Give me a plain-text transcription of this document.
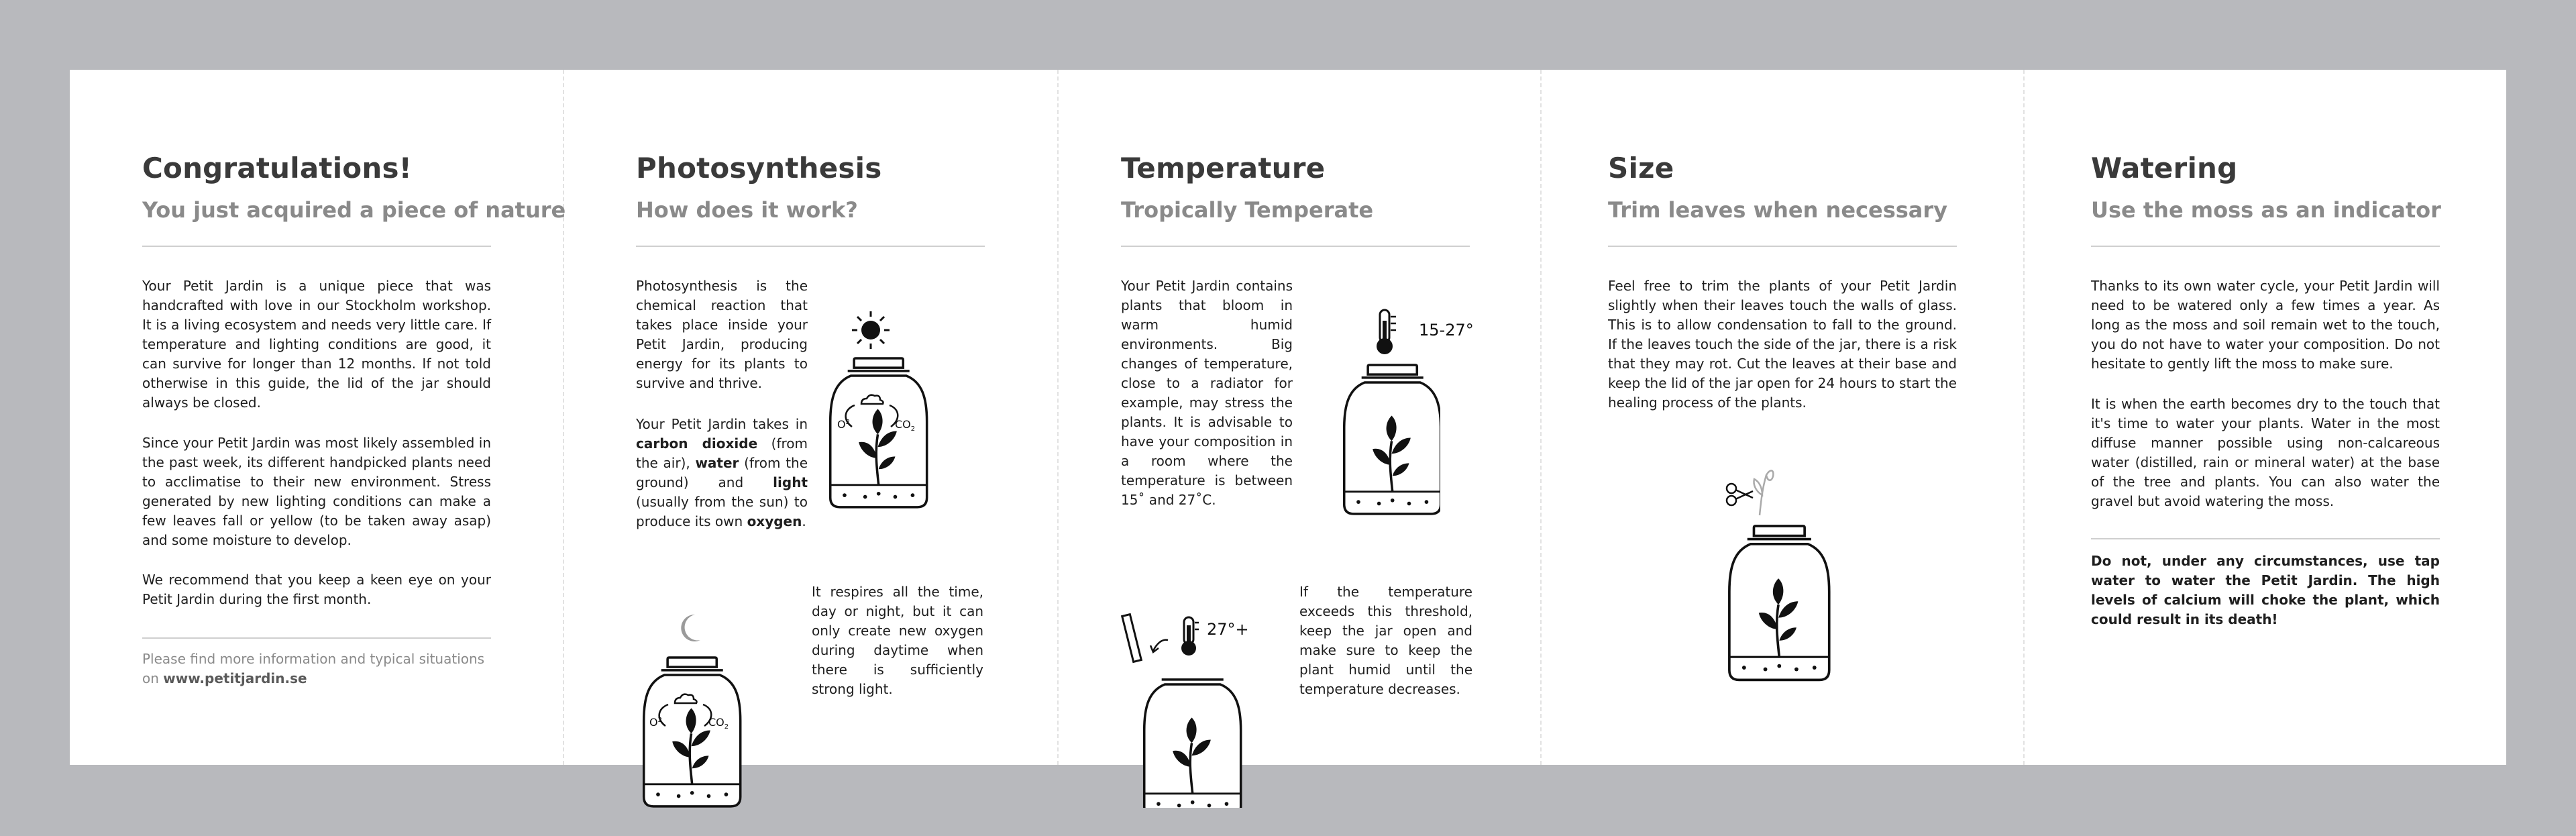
Congratulations!
You just acquired a piece of nature

Your Petit Jardin is a unique piece that was handcrafted with love in our Stockholm workshop. It is a living ecosystem and needs very little care. If temperature and lighting conditions are good, it can survive for longer than 12 months. If not told otherwise in this guide, the lid of the jar should always be closed.

Since your Petit Jardin was most likely assembled in the past week, its different handpicked plants need to acclimatise to their new environment. Stress generated by new lighting conditions can make a few leaves fall or yellow (to be taken away asap) and some moisture to develop.

We recommend that you keep a keen eye on your Petit Jardin during the first month.

Please find more information and typical situations on www.petitjardin.se

Photosynthesis
How does it work?

Photosynthesis is the chemical reaction that takes place inside your Petit Jardin, producing energy for its plants to survive and thrive.

Your Petit Jardin takes in carbon dioxide (from the air), water (from the ground) and light (usually from the sun) to produce its own oxygen.

It respires all the time, day or night, but it can only create new oxygen during daytime when there is sufficiently strong light.

$O^2$	$CO_2$
$O^2$	$CO_2$
Temperature
Tropically Temperate

Your Petit Jardin contains plants that bloom in warm humid environments. Big changes of temperature, close to a radiator for example, may stress the plants. It is advisable to have your composition in a room where the temperature is between 15˚ and 27˚C.

If the temperature exceeds this threshold, keep the jar open and make sure to keep the plant humid until the temperature decreases.

15-27°
27°+
Size
Trim leaves when necessary

Feel free to trim the plants of your Petit Jardin slightly when their leaves touch the walls of glass. This is to allow condensation to fall to the ground. If the leaves touch the side of the jar, there is a risk that they may rot. Cut the leaves at their base and keep the lid of the jar open for 24 hours to start the healing process of the plants.

Watering
Use the moss as an indicator

Thanks to its own water cycle, your Petit Jardin will need to be watered only a few times a year. As long as the moss and soil remain wet to the touch, you do not have to water your composition. Do not hesitate to gently lift the moss to make sure.

It is when the earth becomes dry to the touch that it's time to water your plants. Water in the most diffuse manner possible using non-calcareous water (distilled, rain or mineral water) at the base of the tree and plants. You can also water the gravel but avoid watering the moss.

Do not, under any circumstances, use tap water to water the Petit Jardin. The high levels of calcium will choke the plant, which could result in its death!
